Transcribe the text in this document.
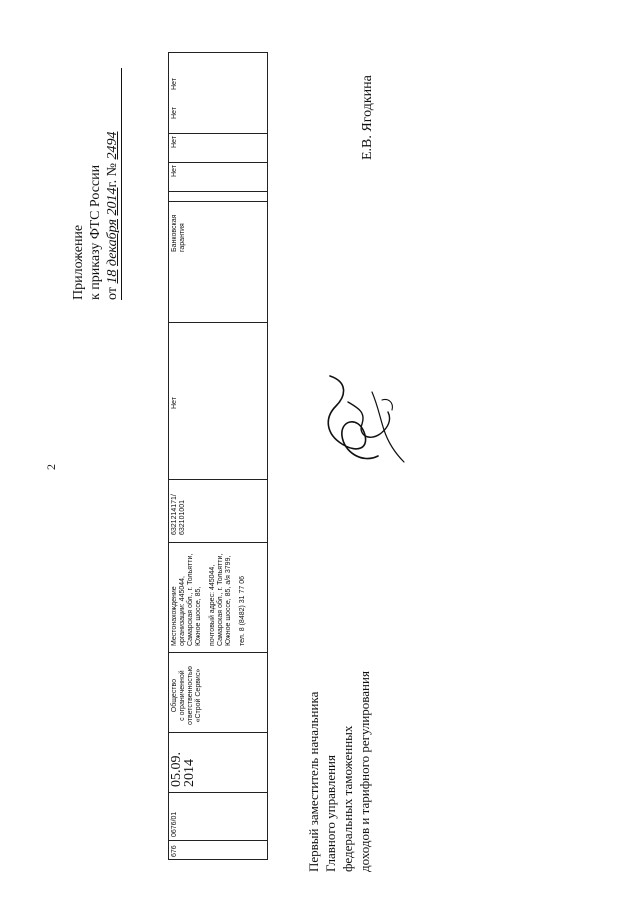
2
Приложение к приказу ФТС России от 18 декабря 2014г. № 2494
Нет
Нет
Нет
Нет
Банковская гарантия
Нет
6321214171/ 632101001
Местонахождение организации: 445044, Самарская обл., г. Тольятти, Южное шоссе, 85, почтовый адрес: 445044, Самарская обл., г. Тольятти, Южное шоссе, 85, а/я 3799, тел. 8 (8482) 31 77 06
Общество с ограниченной ответственностью «Строй Сервис»
05.09.
2014
0676/01
676
Е.В. Ягодкина
Первый заместитель начальника Главного управления федеральных таможенных доходов и тарифного регулирования
